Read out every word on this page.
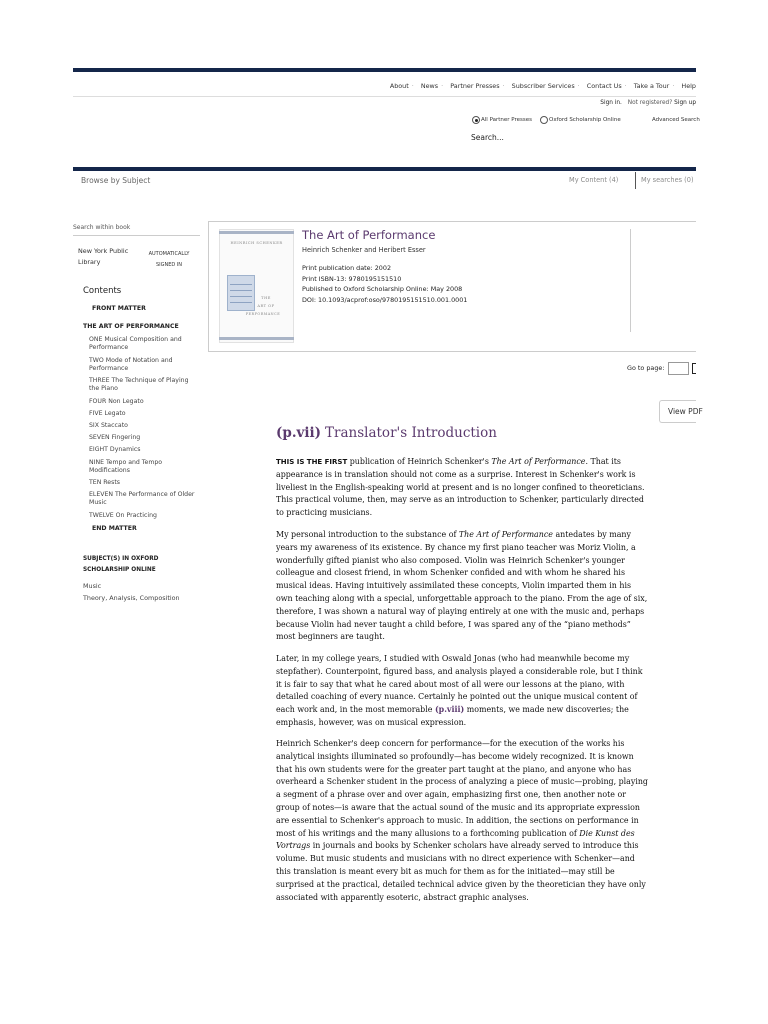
About · News · Partner Presses · Subscriber Services · Contact Us · Take a Tour · Help
Sign in. Not registered? Sign up
All Partner Presses	Oxford Scholarship Online	Advanced Search
Search...
Browse by Subject	My Content (4)	My searches (0)
Search within book
New York Public Library
AUTOMATICALLY
SIGNED IN
Contents
FRONT MATTER
THE ART OF PERFORMANCE
ONE Musical Composition and Performance
TWO Mode of Notation and Performance
THREE The Technique of Playing the Piano
FOUR Non Legato
FIVE Legato
SIX Staccato
SEVEN Fingering
EIGHT Dynamics
NINE Tempo and Tempo Modifications
TEN Rests
ELEVEN The Performance of Older Music
TWELVE On Practicing
END MATTER
SUBJECT(S) IN OXFORD
SCHOLARSHIP ONLINE
Music
Theory, Analysis, Composition
HEINRICH SCHENKER
THE
ART OF
PERFORMANCE
The Art of Performance
Heinrich Schenker and Heribert Esser
Print publication date: 2002
Print ISBN-13: 9780195151510
Published to Oxford Scholarship Online: May 2008
DOI: 10.1093/acprof:oso/9780195151510.001.0001
Go to page:
View PDF
(p.vii) Translator's Introduction
THIS IS THE FIRST publication of Heinrich Schenker's The Art of Performance. That its appearance is in translation should not come as a surprise. Interest in Schenker's work is liveliest in the English-speaking world at present and is no longer confined to theoreticians. This practical volume, then, may serve as an introduction to Schenker, particularly directed to practicing musicians.
My personal introduction to the substance of The Art of Performance antedates by many years my awareness of its existence. By chance my first piano teacher was Moriz Violin, a wonderfully gifted pianist who also composed. Violin was Heinrich Schenker's younger colleague and closest friend, in whom Schenker confided and with whom he shared his musical ideas. Having intuitively assimilated these concepts, Violin imparted them in his own teaching along with a special, unforgettable approach to the piano. From the age of six, therefore, I was shown a natural way of playing entirely at one with the music and, perhaps because Violin had never taught a child before, I was spared any of the “piano methods” most beginners are taught.
Later, in my college years, I studied with Oswald Jonas (who had meanwhile become my stepfather). Counterpoint, figured bass, and analysis played a considerable role, but I think it is fair to say that what he cared about most of all were our lessons at the piano, with detailed coaching of every nuance. Certainly he pointed out the unique musical content of each work and, in the most memorable (p.viii) moments, we made new discoveries; the emphasis, however, was on musical expression.
Heinrich Schenker's deep concern for performance—for the execution of the works his analytical insights illuminated so profoundly—has become widely recognized. It is known that his own students were for the greater part taught at the piano, and anyone who has overheard a Schenker student in the process of analyzing a piece of music—probing, playing a segment of a phrase over and over again, emphasizing first one, then another note or group of notes—is aware that the actual sound of the music and its appropriate expression are essential to Schenker's approach to music. In addition, the sections on performance in most of his writings and the many allusions to a forthcoming publication of Die Kunst des Vortrags in journals and books by Schenker scholars have already served to introduce this volume. But music students and musicians with no direct experience with Schenker—and this translation is meant every bit as much for them as for the initiated—may still be surprised at the practical, detailed technical advice given by the theoretician they have only associated with apparently esoteric, abstract graphic analyses.
